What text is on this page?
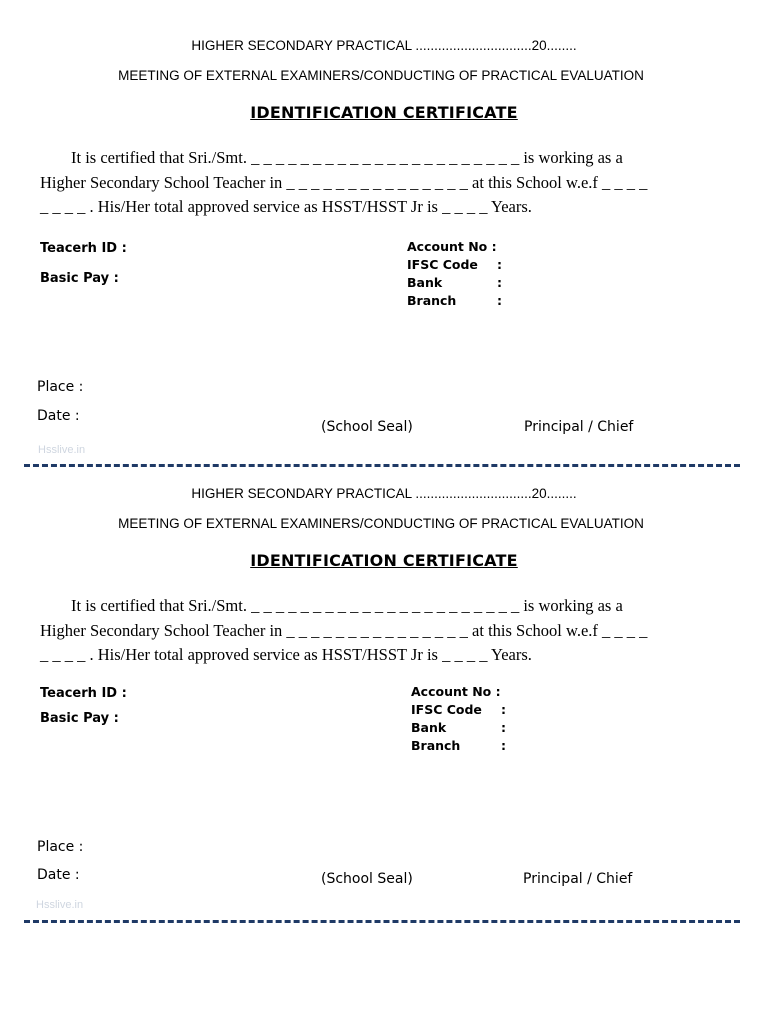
HIGHER SECONDARY PRACTICAL ...............................20........
MEETING OF EXTERNAL EXAMINERS/CONDUCTING OF PRACTICAL EVALUATION
IDENTIFICATION CERTIFICATE

It is certified that Sri./Smt. _ _ _ _ _ _ _ _ _ _ _ _ _ _ _ _ _ _ _ _ _ _ is working as a

Higher Secondary School Teacher in _ _ _ _ _ _ _ _ _ _ _ _ _ _ _ at this School w.e.f _ _ _ _

_ _ _ _ . His/Her total approved service as HSST/HSST Jr is _ _ _ _ Years.

Teacerh ID :
Basic Pay :
Account No :
IFSC Code	:
Bank	:
Branch	:
Place :
Date :
(School Seal)	Principal / Chief
Hsslive.in
HIGHER SECONDARY PRACTICAL ...............................20........
MEETING OF EXTERNAL EXAMINERS/CONDUCTING OF PRACTICAL EVALUATION
IDENTIFICATION CERTIFICATE

It is certified that Sri./Smt. _ _ _ _ _ _ _ _ _ _ _ _ _ _ _ _ _ _ _ _ _ _ is working as a

Higher Secondary School Teacher in _ _ _ _ _ _ _ _ _ _ _ _ _ _ _ at this School w.e.f _ _ _ _

_ _ _ _ . His/Her total approved service as HSST/HSST Jr is _ _ _ _ Years.

Teacerh ID :
Basic Pay :
Account No :
IFSC Code	:
Bank	:
Branch	:
Place :
Date :	(School Seal)	Principal / Chief
Hsslive.in
